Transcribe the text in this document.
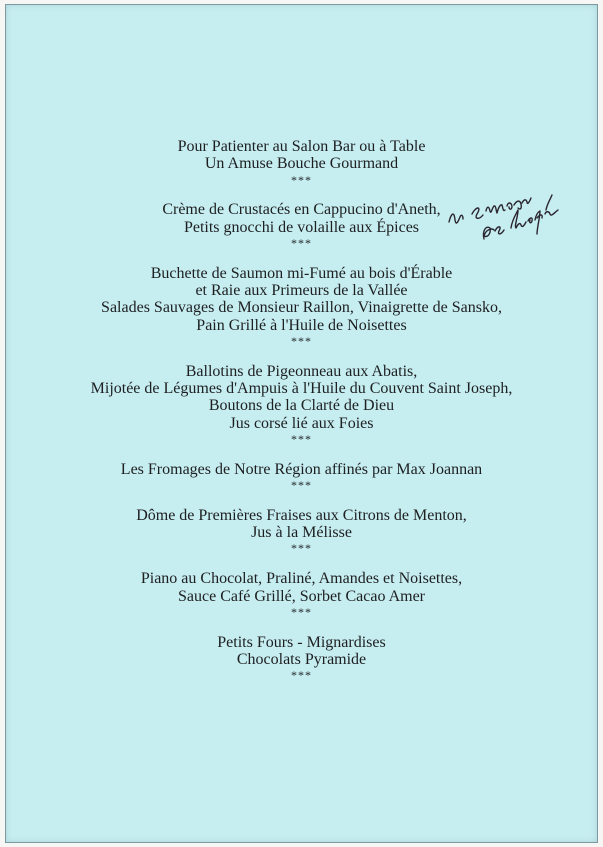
Pour Patienter au Salon Bar ou à Table
Un Amuse Bouche Gourmand
***
Crème de Crustacés en Cappucino d'Aneth,
Petits gnocchi de volaille aux Épices
***
Buchette de Saumon mi-Fumé au bois d'Érable
et Raie aux Primeurs de la Vallée
Salades Sauvages de Monsieur Raillon, Vinaigrette de Sansko,
Pain Grillé à l'Huile de Noisettes
***
Ballotins de Pigeonneau aux Abatis,
Mijotée de Légumes d'Ampuis à l'Huile du Couvent Saint Joseph,
Boutons de la Clarté de Dieu
Jus corsé lié aux Foies
***
Les Fromages de Notre Région affinés par Max Joannan
***
Dôme de Premières Fraises aux Citrons de Menton,
Jus à la Mélisse
***
Piano au Chocolat, Praliné, Amandes et Noisettes,
Sauce Café Grillé, Sorbet Cacao Amer
***
Petits Fours - Mignardises
Chocolats Pyramide
***
